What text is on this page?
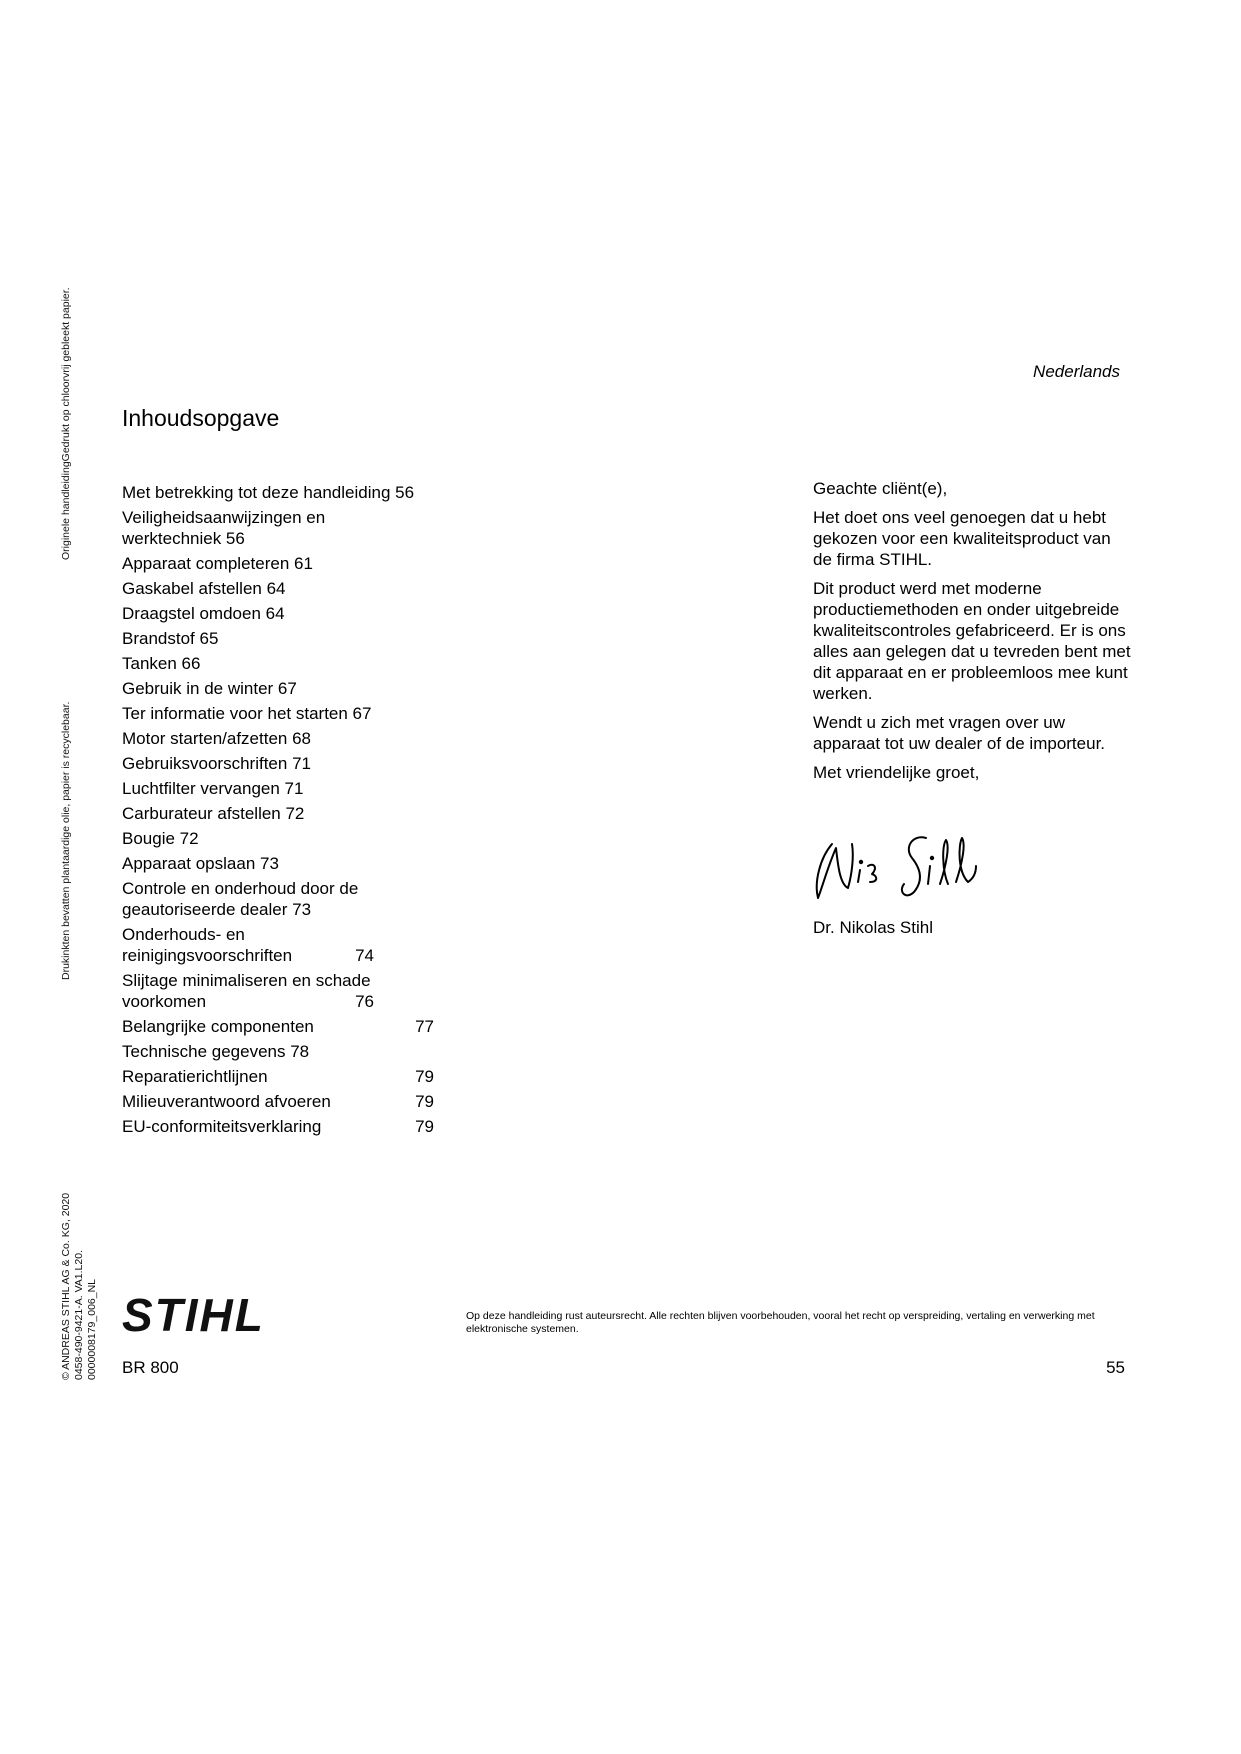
Nederlands
Inhoudsopgave
Met betrekking tot deze handleiding 56
Veiligheidsaanwijzingen en werktechniek 56
Apparaat completeren 61
Gaskabel afstellen 64
Draagstel omdoen 64
Brandstof 65
Tanken 66
Gebruik in de winter 67
Ter informatie voor het starten 67
Motor starten/afzetten 68
Gebruiksvoorschriften 71
Luchtfilter vervangen 71
Carburateur afstellen 72
Bougie 72
Apparaat opslaan 73
Controle en onderhoud door de geautoriseerde dealer 73
Onderhouds- en reinigingsvoorschriften	74
Slijtage minimaliseren en schade voorkomen	76
Belangrijke componenten	77
Technische gegevens 78
Reparatierichtlijnen	79
Milieuverantwoord afvoeren	79
EU-conformiteitsverklaring	79

Geachte cliënt(e),

Het doet ons veel genoegen dat u hebt gekozen voor een kwaliteitsproduct van de firma STIHL.

Dit product werd met moderne productiemethoden en onder uitgebreide kwaliteitscontroles gefabriceerd. Er is ons alles aan gelegen dat u tevreden bent met dit apparaat en er probleemloos mee kunt werken.

Wendt u zich met vragen over uw apparaat tot uw dealer of de importeur.

Met vriendelijke groet,

Dr. Nikolas Stihl
© ANDREAS STIHL AG & Co. KG, 2020Drukinkten bevatten plantaardige olie, papier is recyclebaar.Originele handleidingGedrukt op chloorvrij gebleekt papier.
0458-490-9421-A. VA1.L20. 0000008179_006_NL STIHL	Op deze handleiding rust auteursrecht. Alle rechten blijven voorbehouden, vooral het recht op verspreiding, vertaling en verwerking met elektronische systemen.
BR 800	55
